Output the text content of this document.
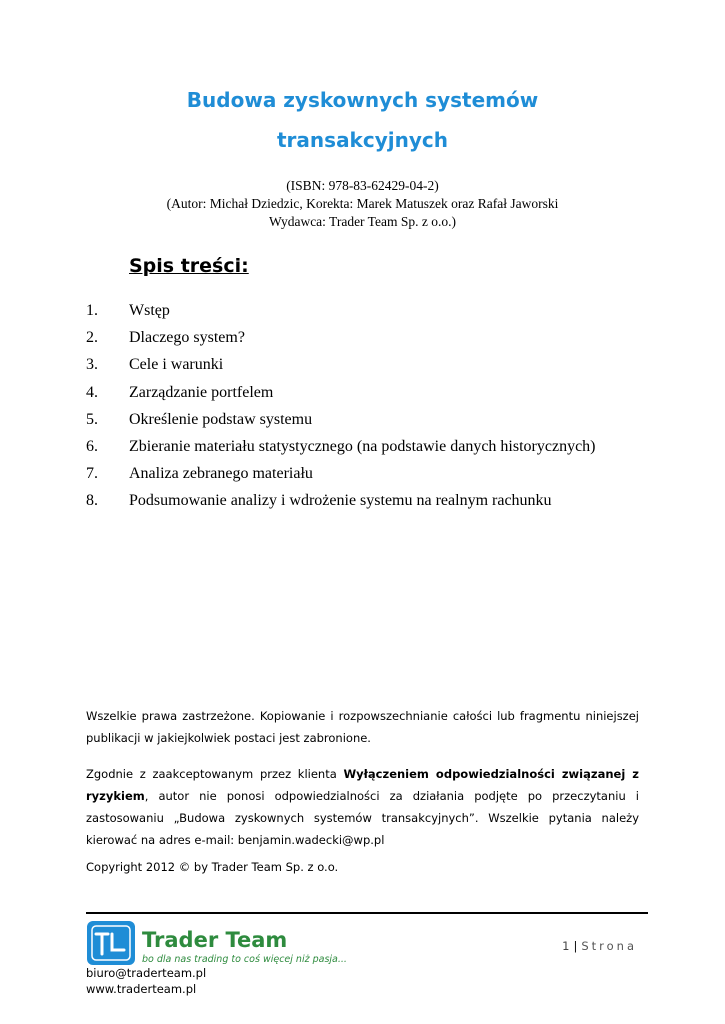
Budowa zyskownych systemów
transakcyjnych
(ISBN: 978-83-62429-04-2)
(Autor: Michał Dziedzic, Korekta: Marek Matuszek oraz Rafał Jaworski
Wydawca: Trader Team Sp. z o.o.)
Spis treści:
1.	Wstęp
2.	Dlaczego system?
3.	Cele i warunki
4.	Zarządzanie portfelem
5.	Określenie podstaw systemu
6.	Zbieranie materiału statystycznego (na podstawie danych historycznych)
7.	Analiza zebranego materiału
8.	Podsumowanie analizy i wdrożenie systemu na realnym rachunku
Wszelkie prawa zastrzeżone. Kopiowanie i rozpowszechnianie całości lub fragmentu niniejszej publikacji w jakiejkolwiek postaci jest zabronione.
Zgodnie z zaakceptowanym przez klienta Wyłączeniem odpowiedzialności związanej z ryzykiem, autor nie ponosi odpowiedzialności za działania podjęte po przeczytaniu i zastosowaniu „Budowa zyskownych systemów transakcyjnych”. Wszelkie pytania należy kierować na adres e-mail: benjamin.wadecki@wp.pl
Copyright 2012 © by Trader Team Sp. z o.o.
Trader Team
bo dla nas trading to coś więcej niż pasja...
1 | Strona
biuro@traderteam.pl
www.traderteam.pl
